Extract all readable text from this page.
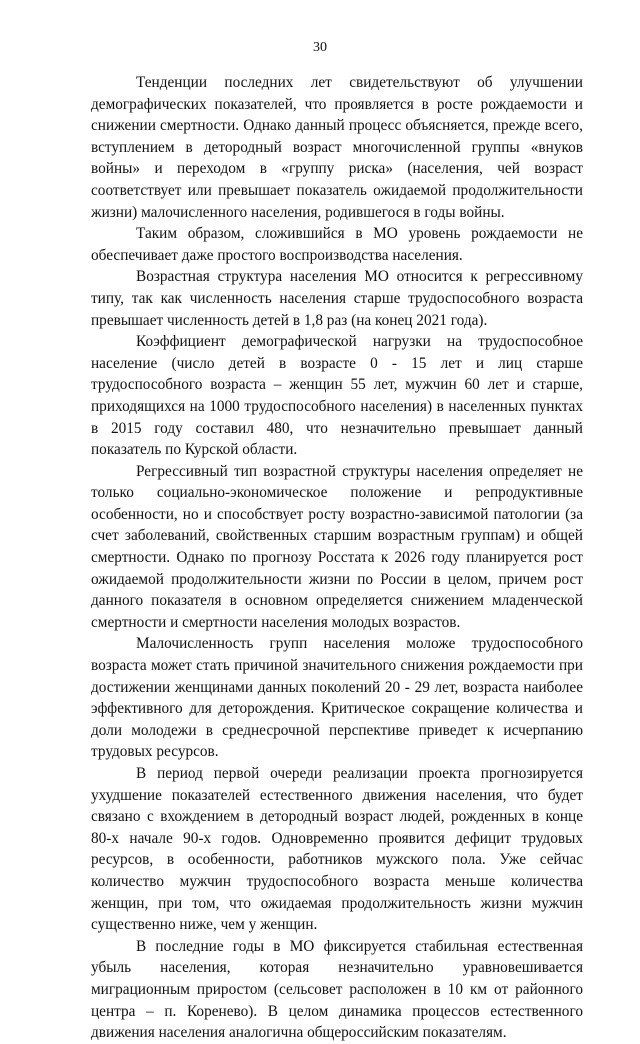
30

Тенденции последних лет свидетельствуют об улучшении демографических показателей, что проявляется в росте рождаемости и снижении смертности. Однако данный процесс объясняется, прежде всего, вступлением в детородный возраст многочисленной группы «внуков войны» и переходом в «группу риска» (населения, чей возраст соответствует или превышает показатель ожидаемой продолжительности жизни) малочисленного населения, родившегося в годы войны.

Таким образом, сложившийся в МО уровень рождаемости не обеспечивает даже простого воспроизводства населения.

Возрастная структура населения МО относится к регрессивному типу, так как численность населения старше трудоспособного возраста превышает численность детей в 1,8 раз (на конец 2021 года).

Коэффициент демографической нагрузки на трудоспособное население (число детей в возрасте 0 - 15 лет и лиц старше трудоспособного возраста – женщин 55 лет, мужчин 60 лет и старше, приходящихся на 1000 трудоспособного населения) в населенных пунктах в 2015 году составил 480, что незначительно превышает данный показатель по Курской области.

Регрессивный тип возрастной структуры населения определяет не только социально-экономическое положение и репродуктивные особенности, но и способствует росту возрастно-зависимой патологии (за счет заболеваний, свойственных старшим возрастным группам) и общей смертности. Однако по прогнозу Росстата к 2026 году планируется рост ожидаемой продолжительности жизни по России в целом, причем рост данного показателя в основном определяется снижением младенческой смертности и смертности населения молодых возрастов.

Малочисленность групп населения моложе трудоспособного возраста может стать причиной значительного снижения рождаемости при достижении женщинами данных поколений 20 - 29 лет, возраста наиболее эффективного для деторождения. Критическое сокращение количества и доли молодежи в среднесрочной перспективе приведет к исчерпанию трудовых ресурсов.

В период первой очереди реализации проекта прогнозируется ухудшение показателей естественного движения населения, что будет связано с вхождением в детородный возраст людей, рожденных в конце 80-х начале 90-х годов. Одновременно проявится дефицит трудовых ресурсов, в особенности, работников мужского пола. Уже сейчас количество мужчин трудоспособного возраста меньше количества женщин, при том, что ожидаемая продолжительность жизни мужчин существенно ниже, чем у женщин.

В последние годы в МО фиксируется стабильная естественная убыль населения, которая незначительно уравновешивается миграционным приростом (сельсовет расположен в 10 км от районного центра – п. Коренево). В целом динамика процессов естественного движения населения аналогична общероссийским показателям.
